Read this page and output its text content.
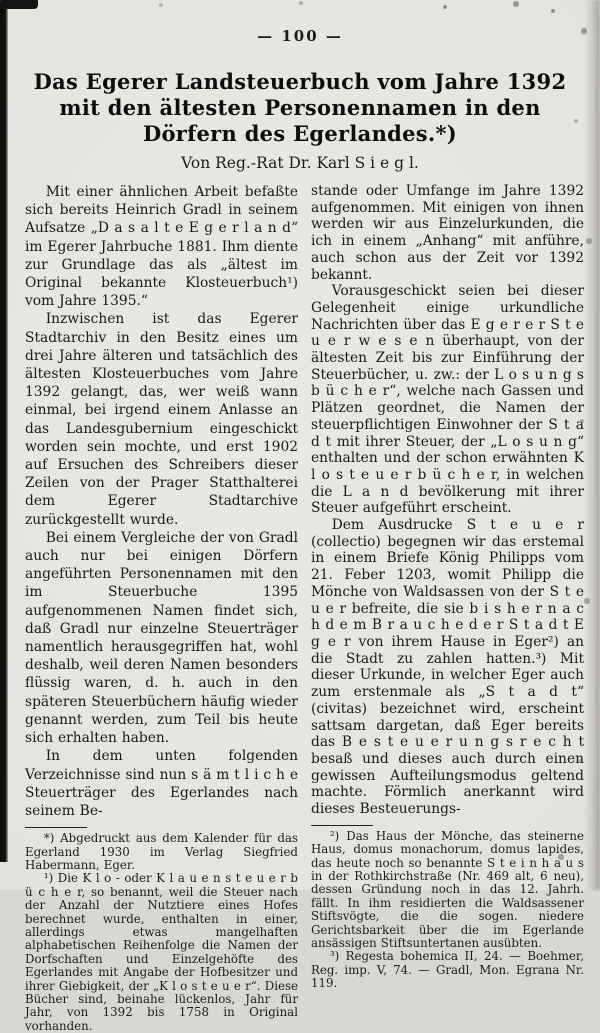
— 100 —
Das Egerer Landsteuerbuch vom Jahre 1392 mit den ältesten Personennamen in den Dörfern des Egerlandes.*)
Von Reg.-Rat Dr. Karl S i e g l.

Mit einer ähnlichen Arbeit befaßte sich bereits Heinrich Gradl in seinem Aufsatze „D a s a l t e E g e r l a n d“ im Egerer Jahrbuche 1881. Ihm diente zur Grundlage das als „ältest im Original bekannte Klosteuerbuch¹) vom Jahre 1395.“

Inzwischen ist das Egerer Stadtarchiv in den Besitz eines um drei Jahre älteren und tatsächlich des ältesten Klosteuerbuches vom Jahre 1392 gelangt, das, wer weiß wann einmal, bei irgend einem Anlasse an das Landesgubernium eingeschickt worden sein mochte, und erst 1902 auf Ersuchen des Schreibers dieser Zeilen von der Prager Statthalterei dem Egerer Stadtarchive zurückgestellt wurde.

Bei einem Vergleiche der von Gradl auch nur bei einigen Dörfern angeführten Personennamen mit den im Steuerbuche 1395 aufgenommenen Namen findet sich, daß Gradl nur einzelne Steuerträger namentlich herausgegriffen hat, wohl deshalb, weil deren Namen besonders flüssig waren, d. h. auch in den späteren Steuerbüchern häufig wieder genannt werden, zum Teil bis heute sich erhalten haben.

In dem unten folgenden Verzeichnisse sind nun s ä m t l i c h e Steuerträger des Egerlandes nach seinem Be-

*) Abgedruckt aus dem Kalender für das Egerland 1930 im Verlag Siegfried Habermann, Eger.

¹) Die K l o - oder K l a u e n s t e u e r b ü c h e r, so benannt, weil die Steuer nach der Anzahl der Nutztiere eines Hofes berechnet wurde, enthalten in einer, allerdings etwas mangelhaften alphabetischen Reihenfolge die Namen der Dorfschaften und Einzelgehöfte des Egerlandes mit Angabe der Hofbesitzer und ihrer Giebigkeit, der „K l o s t e u e r“. Diese Bücher sind, beinahe lückenlos, Jahr für Jahr, von 1392 bis 1758 in Original vorhanden.

stande oder Umfange im Jahre 1392 aufgenommen. Mit einigen von ihnen werden wir aus Einzelurkunden, die ich in einem „Anhang“ mit anführe, auch schon aus der Zeit vor 1392 bekannt.

Vorausgeschickt seien bei dieser Gelegenheit einige urkundliche Nachrichten über das E g e r e r S t e u e r w e s e n überhaupt, von der ältesten Zeit bis zur Einführung der Steuerbücher, u. zw.: der L o s u n g s b ü c h e r“, welche nach Gassen und Plätzen geordnet, die Namen der steuerpflichtigen Einwohner der S t a d t mit ihrer Steuer, der „L o s u n g“ enthalten und der schon erwähnten K l o s t e u e r b ü c h e r, in welchen die L a n d bevölkerung mit ihrer Steuer aufgeführt erscheint.

Dem Ausdrucke S t e u e r (collectio) begegnen wir das erstemal in einem Briefe König Philipps vom 21. Feber 1203, womit Philipp die Mönche von Waldsassen von der S t e u e r befreite, die sie b i s h e r n a c h d e m B r a u c h e d e r S t a d t E g e r von ihrem Hause in Eger²) an die Stadt zu zahlen hatten.³) Mit dieser Urkunde, in welcher Eger auch zum erstenmale als „S t a d t“ (civitas) bezeichnet wird, erscheint sattsam dargetan, daß Eger bereits das B e s t e u e r u n g s r e c h t besaß und dieses auch durch einen gewissen Aufteilungsmodus geltend machte. Förmlich anerkannt wird dieses Besteuerungs-

²) Das Haus der Mönche, das steinerne Haus, domus monachorum, domus lapides, das heute noch so benannte S t e i n h a u s in der Rothkirchstraße (Nr. 469 alt, 6 neu), dessen Gründung noch in das 12. Jahrh. fällt. In ihm residierten die Waldsassener Stiftsvögte, die die sogen. niedere Gerichtsbarkeit über die im Egerlande ansässigen Stiftsuntertanen ausübten.

³) Regesta bohemica II, 24. — Boehmer, Reg. imp. V, 74. — Gradl, Mon. Egrana Nr. 119.
